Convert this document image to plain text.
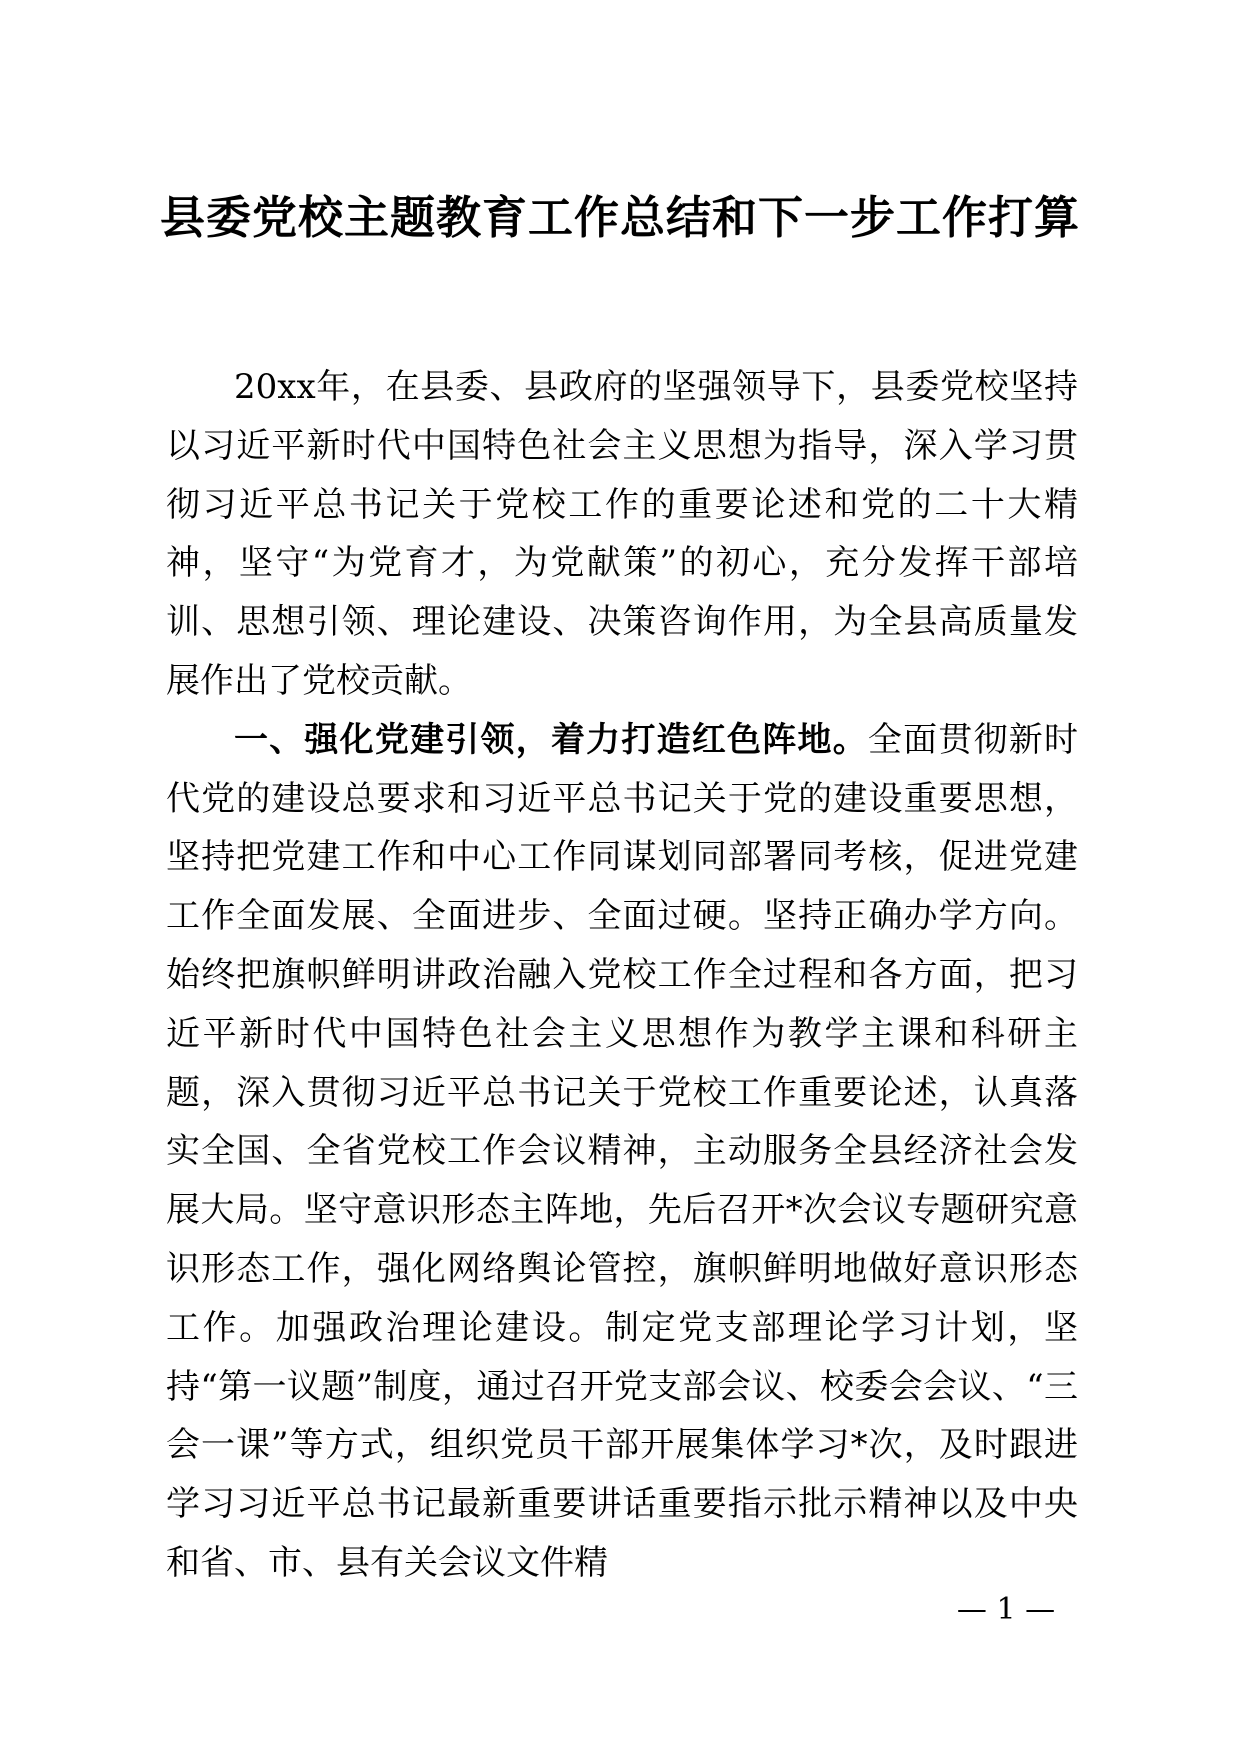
县委党校主题教育工作总结和下一步工作打算

20xx年，在县委、县政府的坚强领导下，县委党校坚持以习近平新时代中国特色社会主义思想为指导，深入学习贯彻习近平总书记关于党校工作的重要论述和党的二十大精神，坚守“为党育才，为党献策”的初心，充分发挥干部培训、思想引领、理论建设、决策咨询作用，为全县高质量发展作出了党校贡献。

一、强化党建引领，着力打造红色阵地。全面贯彻新时代党的建设总要求和习近平总书记关于党的建设重要思想，坚持把党建工作和中心工作同谋划同部署同考核，促进党建工作全面发展、全面进步、全面过硬。坚持正确办学方向。始终把旗帜鲜明讲政治融入党校工作全过程和各方面，把习近平新时代中国特色社会主义思想作为教学主课和科研主题，深入贯彻习近平总书记关于党校工作重要论述，认真落实全国、全省党校工作会议精神，主动服务全县经济社会发展大局。坚守意识形态主阵地，先后召开*次会议专题研究意识形态工作，强化网络舆论管控，旗帜鲜明地做好意识形态工作。加强政治理论建设。制定党支部理论学习计划，坚持“第一议题”制度，通过召开党支部会议、校委会会议、“三会一课”等方式，组织党员干部开展集体学习*次，及时跟进学习习近平总书记最新重要讲话重要指示批示精神以及中央和省、市、县有关会议文件精

— 1 —
